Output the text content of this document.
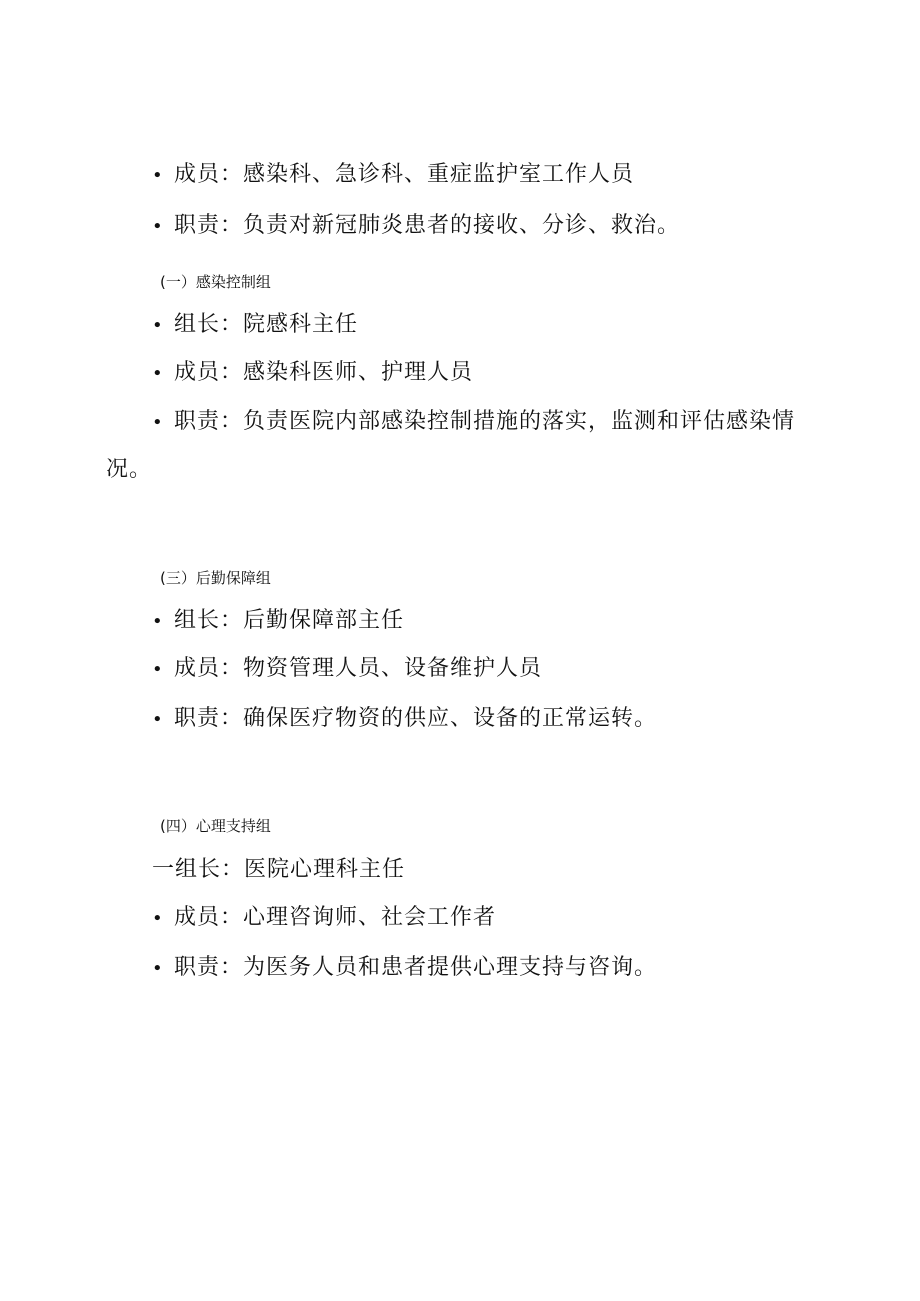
• 成员：感染科、急诊科、重症监护室工作人员
• 职责：负责对新冠肺炎患者的接收、分诊、救治。
(一）感染控制组
• 组长：院感科主任
• 成员：感染科医师、护理人员
• 职责：负责医院内部感染控制措施的落实，监测和评估感染情
况。
(三）后勤保障组
• 组长：后勤保障部主任
• 成员：物资管理人员、设备维护人员
• 职责：确保医疗物资的供应、设备的正常运转。
(四）心理支持组
一组长：医院心理科主任
• 成员：心理咨询师、社会工作者
• 职责：为医务人员和患者提供心理支持与咨询。
